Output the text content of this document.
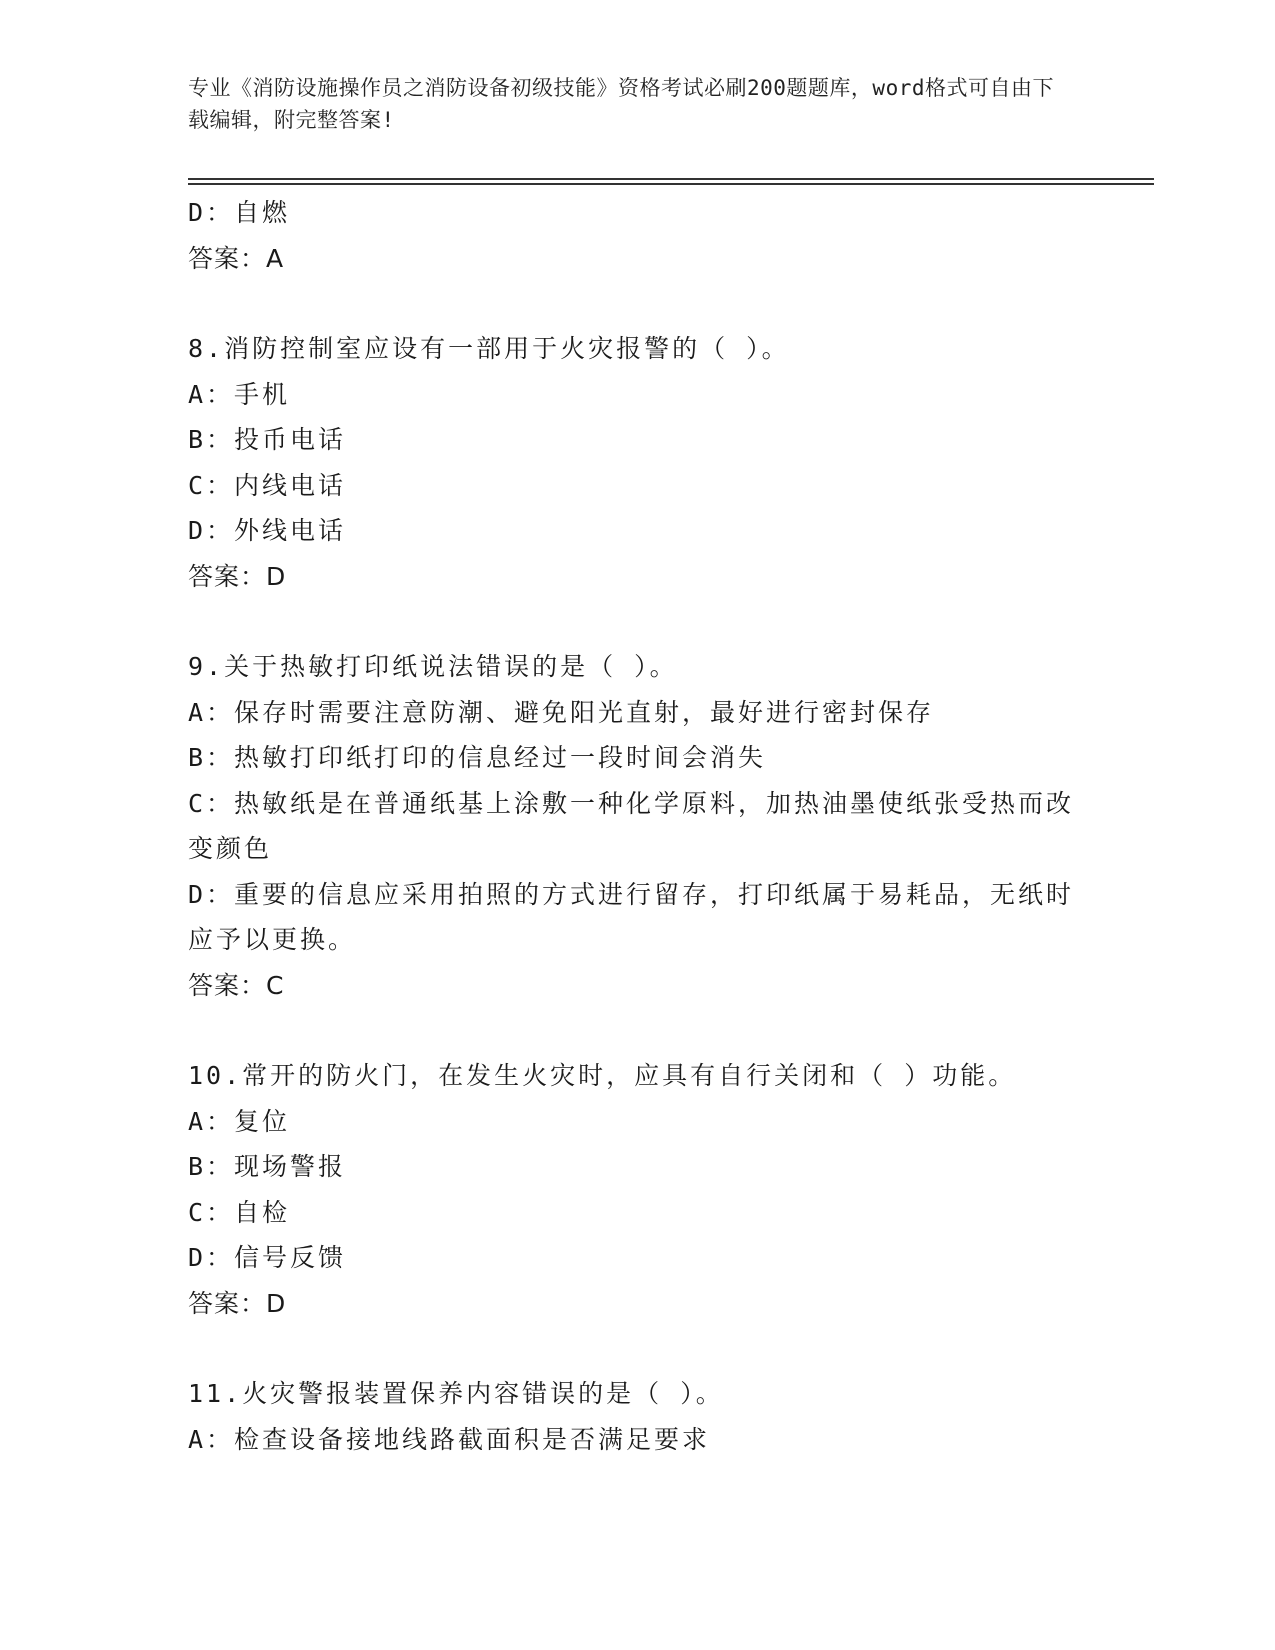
专业《消防设施操作员之消防设备初级技能》资格考试必刷200题题库，word格式可自由下载编辑，附完整答案!
D：自燃
答案：A
8.消防控制室应设有一部用于火灾报警的（ ）。
A：手机
B：投币电话
C：内线电话
D：外线电话
答案：D
9.关于热敏打印纸说法错误的是（ ）。
A：保存时需要注意防潮、避免阳光直射，最好进行密封保存
B：热敏打印纸打印的信息经过一段时间会消失
C：热敏纸是在普通纸基上涂敷一种化学原料，加热油墨使纸张受热而改变颜色
D：重要的信息应采用拍照的方式进行留存，打印纸属于易耗品，无纸时应予以更换。
答案：C
10.常开的防火门，在发生火灾时，应具有自行关闭和（ ）功能。
A：复位
B：现场警报
C：自检
D：信号反馈
答案：D
11.火灾警报装置保养内容错误的是（ ）。
A：检查设备接地线路截面积是否满足要求
